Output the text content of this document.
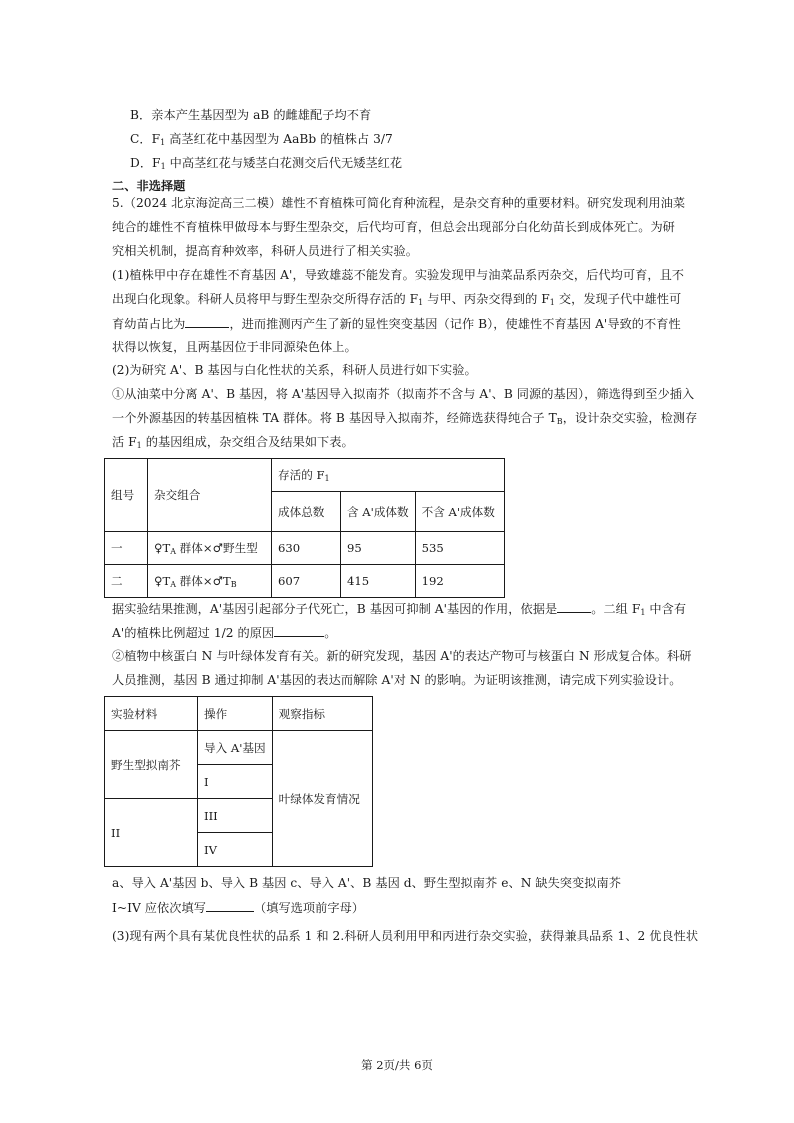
B．亲本产生基因型为 aB 的雌雄配子均不育
C．$F_1$ 高茎红花中基因型为 AaBb 的植株占 3/7
D．$F_1$ 中高茎红花与矮茎白花测交后代无矮茎红花
二、非选择题
5.（2024 北京海淀高三二模）雄性不育植株可简化育种流程，是杂交育种的重要材料。研究发现利用油菜
纯合的雄性不育植株甲做母本与野生型杂交，后代均可育，但总会出现部分白化幼苗长到成体死亡。为研
究相关机制，提高育种效率，科研人员进行了相关实验。
(1)植株甲中存在雄性不育基因 A'，导致雄蕊不能发育。实验发现甲与油菜品系丙杂交，后代均可育，且不
出现白化现象。科研人员将甲与野生型杂交所得存活的 $F_1$ 与甲、丙杂交得到的 $F_1$ 交，发现子代中雄性可
育幼苗占比为	，进而推测丙产生了新的显性突变基因（记作 B），使雄性不育基因 A'导致的不育性
状得以恢复，且两基因位于非同源染色体上。
(2)为研究 A'、B 基因与白化性状的关系，科研人员进行如下实验。
①从油菜中分离 A'、B 基因，将 A'基因导入拟南芥（拟南芥不含与 A'、B 同源的基因），筛选得到至少插入
一个外源基因的转基因植株 TA 群体。将 B 基因导入拟南芥，经筛选获得纯合子 $T_B$，设计杂交实验，检测存
活 $F_1$ 的基因组成，杂交组合及结果如下表。
组号	杂交组合	存活的 $F_1$
		成体总数	含 A'成体数	不含 A'成体数
一	$♀T_A$ 群体×♂野生型	630	95	535
二	$♀T_A$ 群体$\times♂T_B$	607	415	192
据实验结果推测，A'基因引起部分子代死亡，B 基因可抑制 A'基因的作用，依据是	。二组 $F_1$ 中含有
A'的植株比例超过 1/2 的原因	。
②植物中核蛋白 N 与叶绿体发育有关。新的研究发现，基因 A'的表达产物可与核蛋白 N 形成复合体。科研
人员推测，基因 B 通过抑制 A'基因的表达而解除 A'对 N 的影响。为证明该推测，请完成下列实验设计。
实验材料	操作	观察指标
野生型拟南芥	导入 A'基因	叶绿体发育情况
	I	
II	III	
	IV	
a、导入 A'基因 b、导入 B 基因 c、导入 A'、B 基因 d、野生型拟南芥 e、N 缺失突变拟南芥
I~IV 应依次填写	（填写选项前字母）
(3)现有两个具有某优良性状的品系 1 和 2.科研人员利用甲和丙进行杂交实验，获得兼具品系 1、2 优良性状
第 2页/共 6页
